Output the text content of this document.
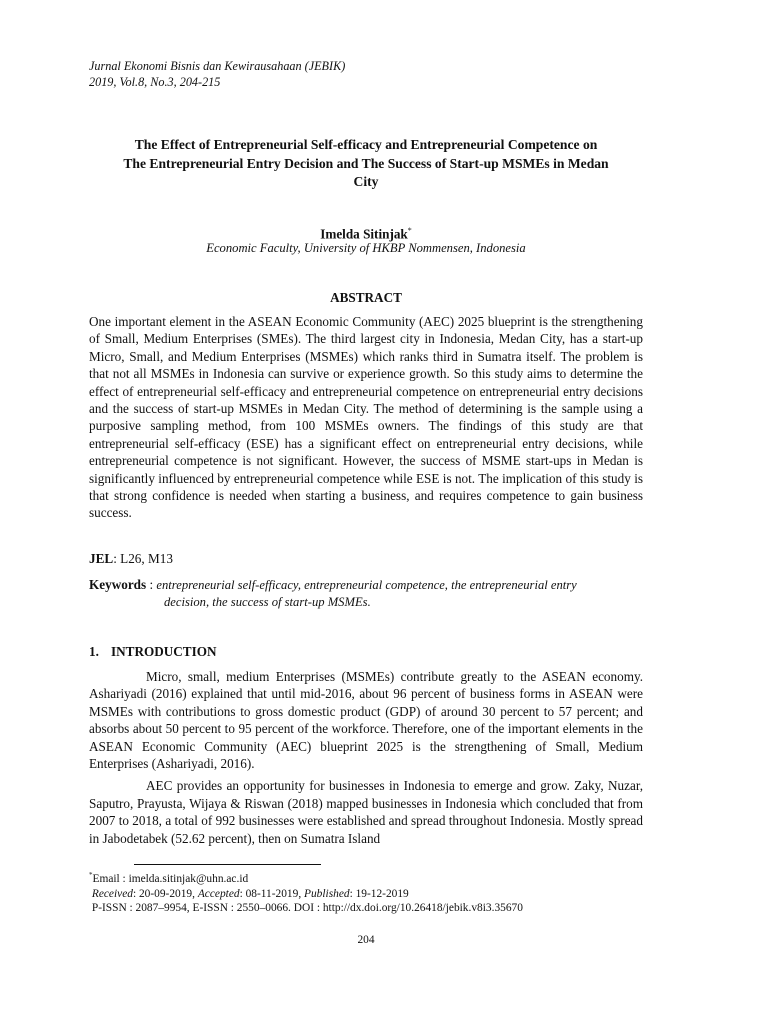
Jurnal Ekonomi Bisnis dan Kewirausahaan (JEBIK)
2019, Vol.8, No.3, 204-215
The Effect of Entrepreneurial Self-efficacy and Entrepreneurial Competence on
The Entrepreneurial Entry Decision and The Success of Start-up MSMEs in Medan
City
Imelda Sitinjak*
Economic Faculty, University of HKBP Nommensen, Indonesia
ABSTRACT
One important element in the ASEAN Economic Community (AEC) 2025 blueprint is the strengthening of Small, Medium Enterprises (SMEs). The third largest city in Indonesia, Medan City, has a start-up Micro, Small, and Medium Enterprises (MSMEs) which ranks third in Sumatra itself. The problem is that not all MSMEs in Indonesia can survive or experience growth. So this study aims to determine the effect of entrepreneurial self-efficacy and entrepreneurial competence on entrepreneurial entry decisions and the success of start-up MSMEs in Medan City. The method of determining is the sample using a purposive sampling method, from 100 MSMEs owners. The findings of this study are that entrepreneurial self-efficacy (ESE) has a significant effect on entrepreneurial entry decisions, while entrepreneurial competence is not significant. However, the success of MSME start-ups in Medan is significantly influenced by entrepreneurial competence while ESE is not. The implication of this study is that strong confidence is needed when starting a business, and requires competence to gain business success.
JEL: L26, M13
Keywords : entrepreneurial self-efficacy, entrepreneurial competence, the entrepreneurial entry
decision, the success of start-up MSMEs.
1. INTRODUCTION

Micro, small, medium Enterprises (MSMEs) contribute greatly to the ASEAN economy. Ashariyadi (2016) explained that until mid-2016, about 96 percent of business forms in ASEAN were MSMEs with contributions to gross domestic product (GDP) of around 30 percent to 57 percent; and absorbs about 50 percent to 95 percent of the workforce. Therefore, one of the important elements in the ASEAN Economic Community (AEC) blueprint 2025 is the strengthening of Small, Medium Enterprises (Ashariyadi, 2016).

AEC provides an opportunity for businesses in Indonesia to emerge and grow. Zaky, Nuzar, Saputro, Prayusta, Wijaya & Riswan (2018) mapped businesses in Indonesia which concluded that from 2007 to 2018, a total of 992 businesses were established and spread throughout Indonesia. Mostly spread in Jabodetabek (52.62 percent), then on Sumatra Island

*Email : imelda.sitinjak@uhn.ac.id
Received: 20-09-2019, Accepted: 08-11-2019, Published: 19-12-2019
P-ISSN : 2087–9954, E-ISSN : 2550–0066. DOI : http://dx.doi.org/10.26418/jebik.v8i3.35670
204
